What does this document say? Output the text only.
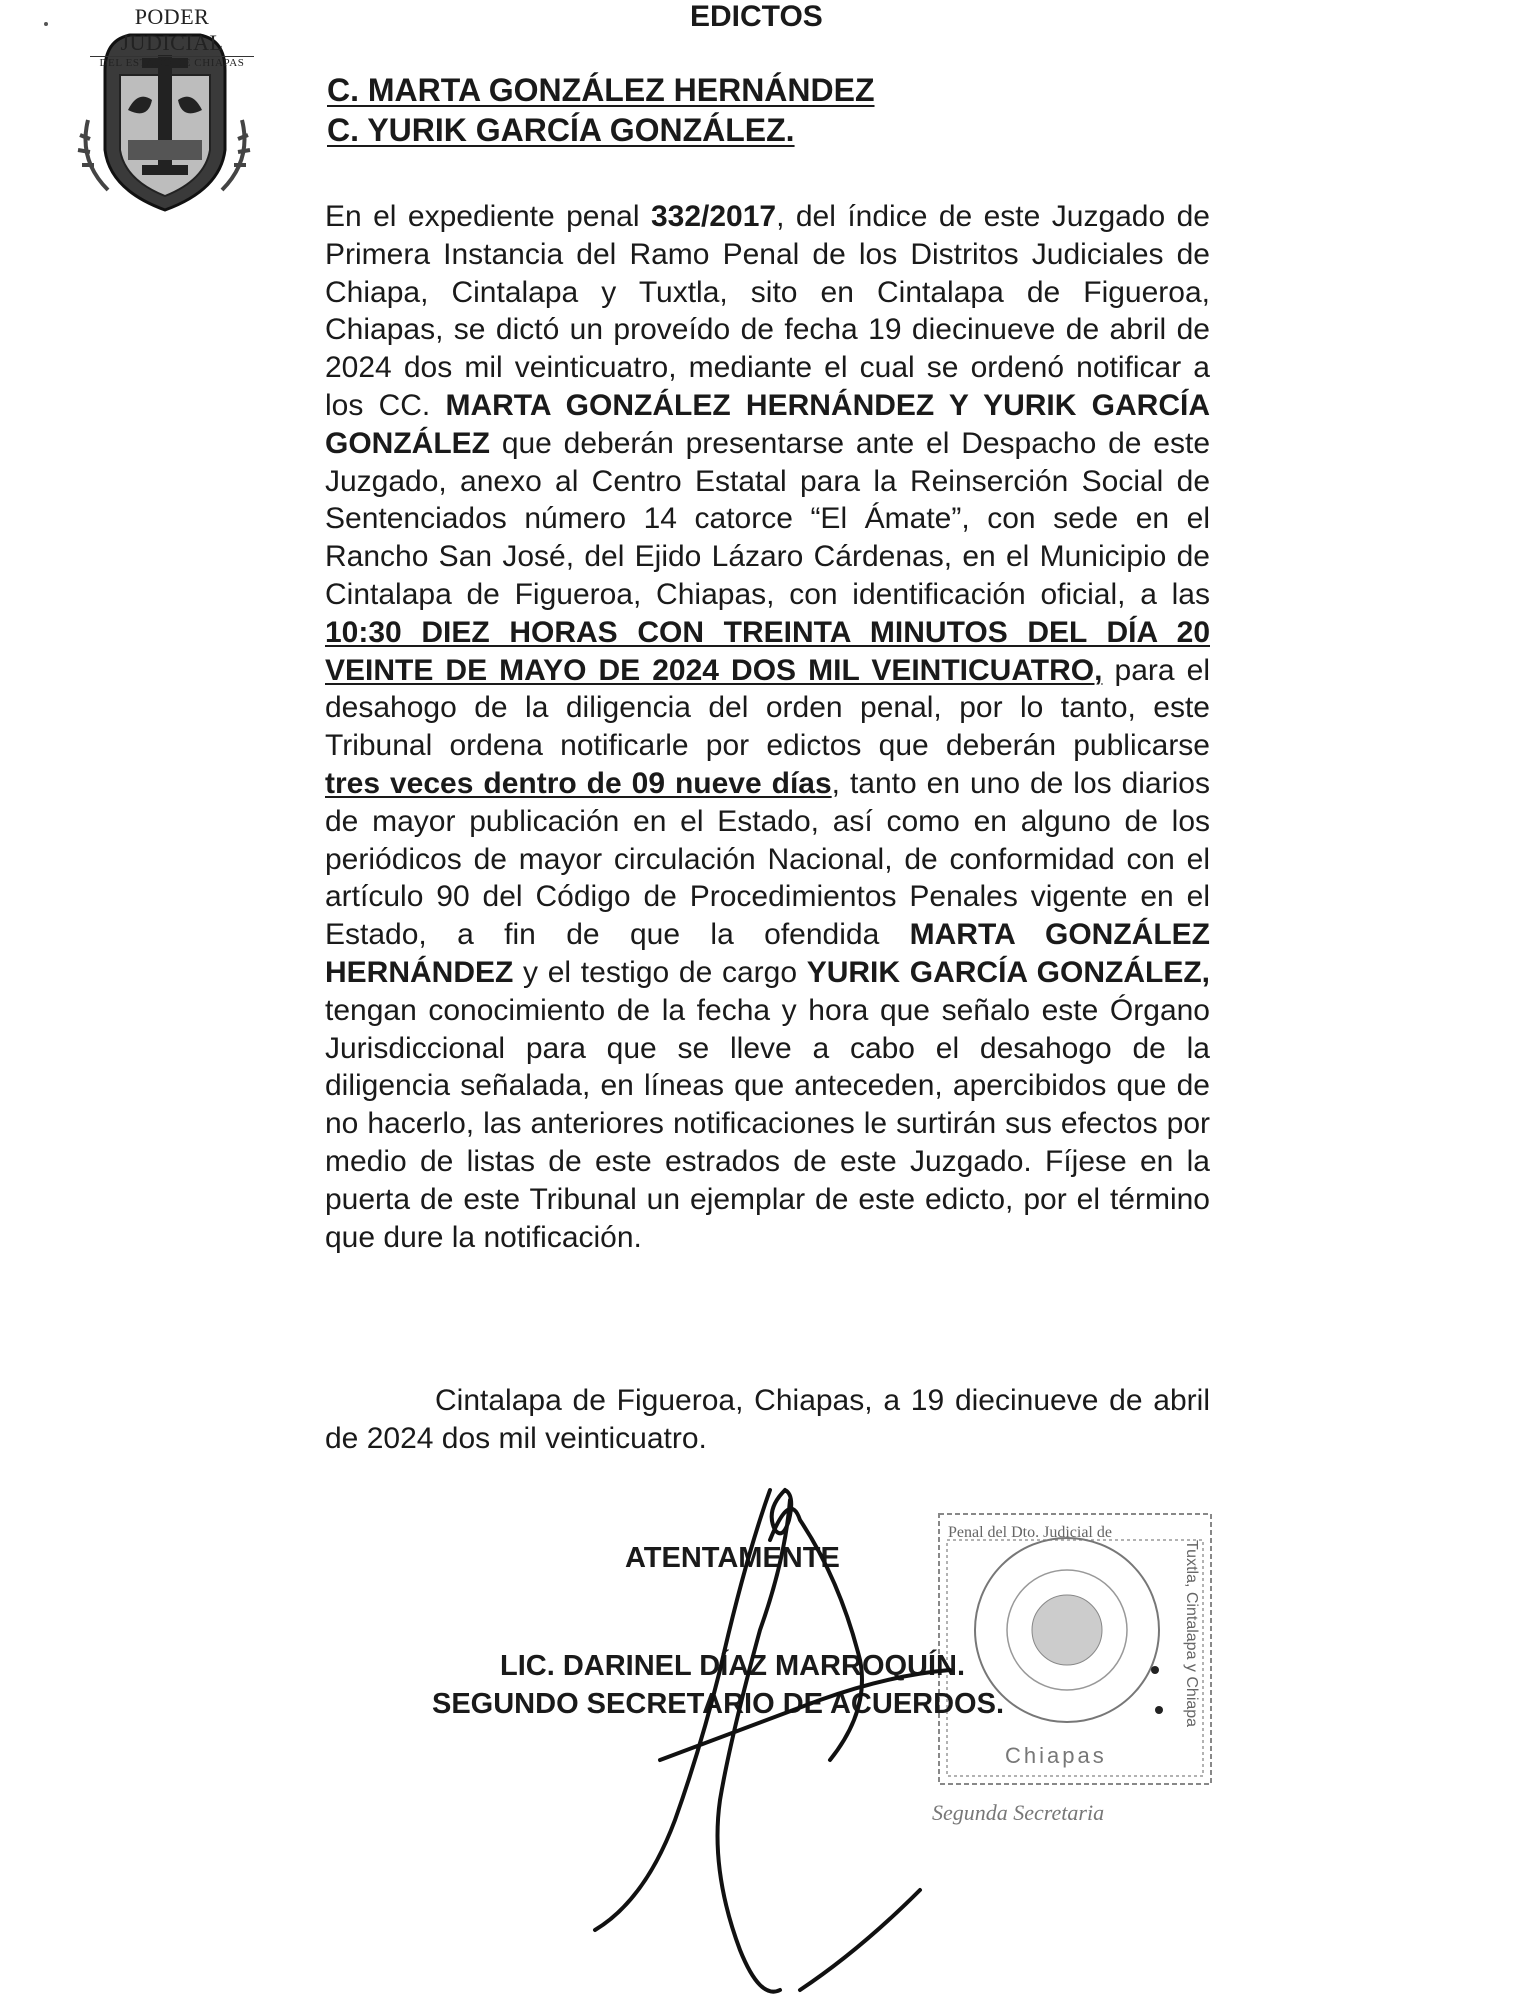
PODER JUDICIAL
DEL ESTADO DE CHIAPAS
EDICTOS
C. MARTA GONZÁLEZ HERNÁNDEZ
C. YURIK GARCÍA GONZÁLEZ.
En el expediente penal 332/2017, del índice de este Juzgado de Primera Instancia del Ramo Penal de los Distritos Judiciales de Chiapa, Cintalapa y Tuxtla, sito en Cintalapa de Figueroa, Chiapas, se dictó un proveído de fecha 19 diecinueve de abril de 2024 dos mil veinticuatro, mediante el cual se ordenó notificar a los CC. MARTA GONZÁLEZ HERNÁNDEZ Y YURIK GARCÍA GONZÁLEZ que deberán presentarse ante el Despacho de este Juzgado, anexo al Centro Estatal para la Reinserción Social de Sentenciados número 14 catorce “El Ámate”, con sede en el Rancho San José, del Ejido Lázaro Cárdenas, en el Municipio de Cintalapa de Figueroa, Chiapas, con identificación oficial, a las 10:30 DIEZ HORAS CON TREINTA MINUTOS DEL DÍA 20 VEINTE DE MAYO DE 2024 DOS MIL VEINTICUATRO, para el desahogo de la diligencia del orden penal, por lo tanto, este Tribunal ordena notificarle por edictos que deberán publicarse tres veces dentro de 09 nueve días, tanto en uno de los diarios de mayor publicación en el Estado, así como en alguno de los periódicos de mayor circulación Nacional, de conformidad con el artículo 90 del Código de Procedimientos Penales vigente en el Estado, a fin de que la ofendida MARTA GONZÁLEZ HERNÁNDEZ y el testigo de cargo YURIK GARCÍA GONZÁLEZ, tengan conocimiento de la fecha y hora que señalo este Órgano Jurisdiccional para que se lleve a cabo el desahogo de la diligencia señalada, en líneas que anteceden, apercibidos que de no hacerlo, las anteriores notificaciones le surtirán sus efectos por medio de listas de este estrados de este Juzgado. Fíjese en la puerta de este Tribunal un ejemplar de este edicto, por el término que dure la notificación.
Cintalapa de Figueroa, Chiapas, a 19 diecinueve de abril de 2024 dos mil veinticuatro.
Penal del Dto. Judicial de
Tuxtla, Cintalapa y Chiapa
Chiapas
Segunda Secretaria
ATENTAMENTE
LIC. DARINEL DÍAZ MARROQUÍN.
SEGUNDO SECRETARIO DE ACUERDOS.
